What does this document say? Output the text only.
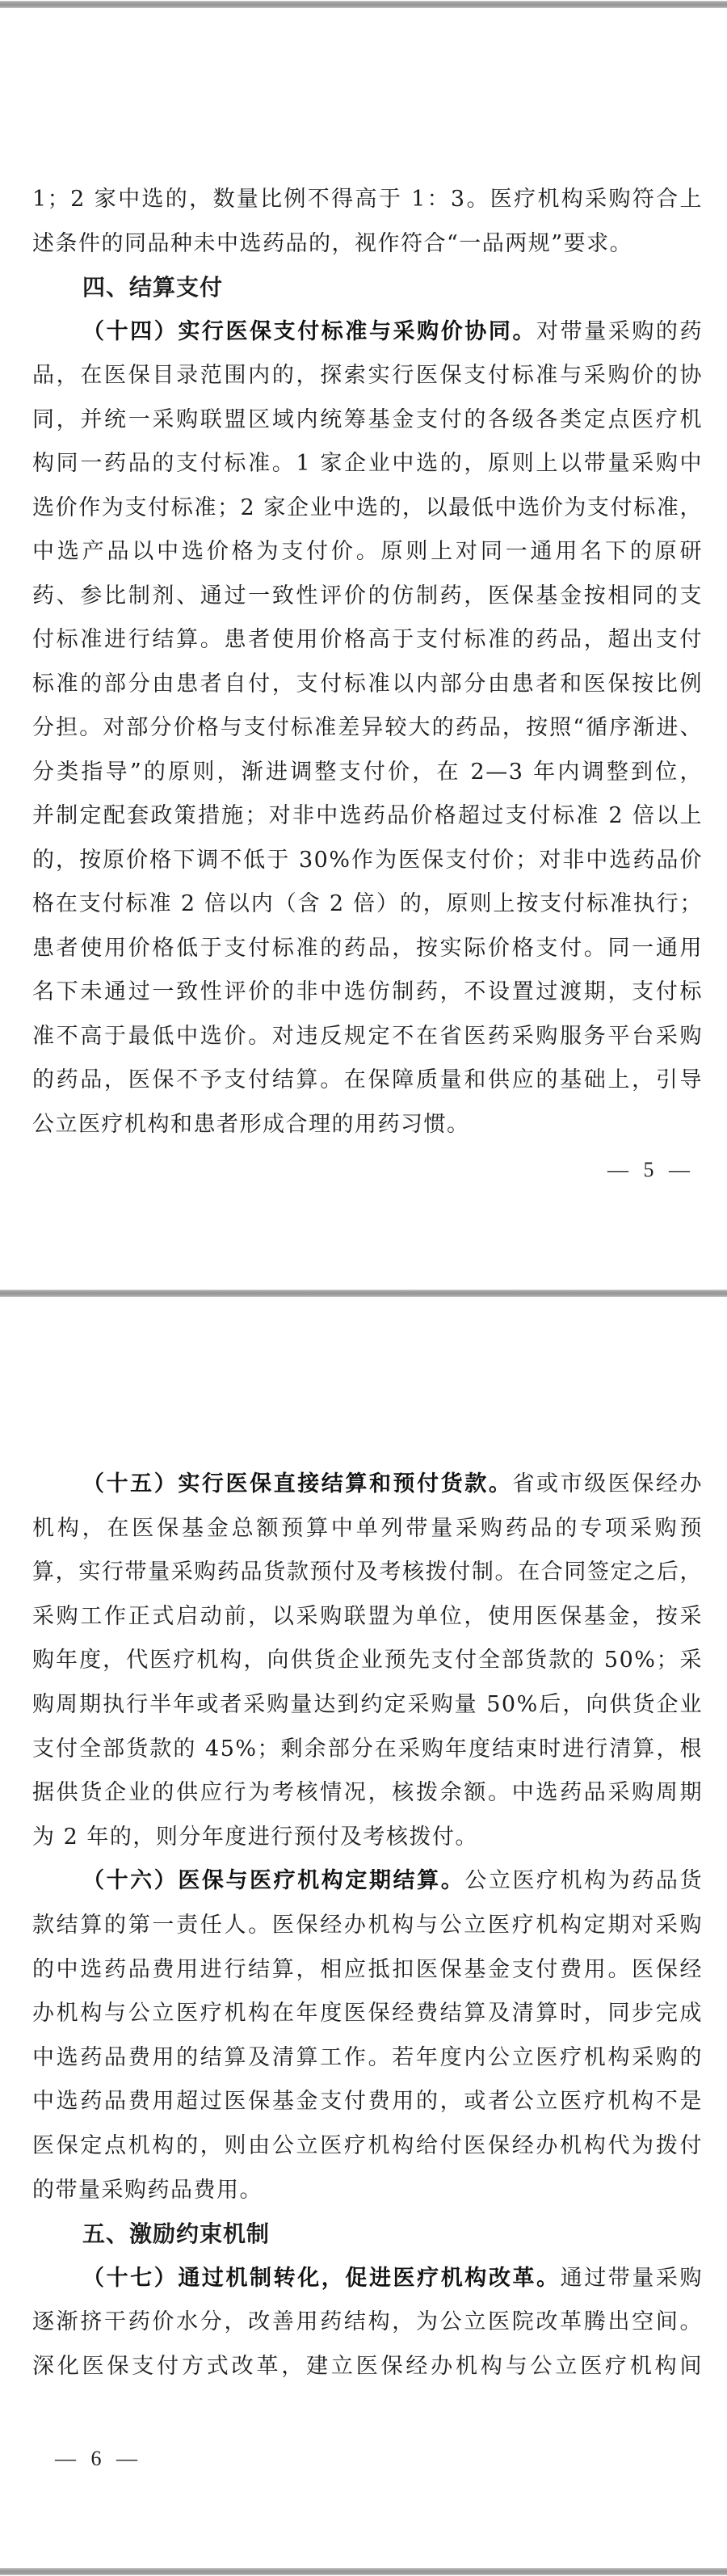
1；2 家中选的，数量比例不得高于 1：3。医疗机构采购符合上
述条件的同品种未中选药品的，视作符合“一品两规”要求。
四、结算支付
（十四）实行医保支付标准与采购价协同。对带量采购的药
品，在医保目录范围内的，探索实行医保支付标准与采购价的协
同，并统一采购联盟区域内统筹基金支付的各级各类定点医疗机
构同一药品的支付标准。1 家企业中选的，原则上以带量采购中
选价作为支付标准；2 家企业中选的，以最低中选价为支付标准，
中选产品以中选价格为支付价。原则上对同一通用名下的原研
药、参比制剂、通过一致性评价的仿制药，医保基金按相同的支
付标准进行结算。患者使用价格高于支付标准的药品，超出支付
标准的部分由患者自付，支付标准以内部分由患者和医保按比例
分担。对部分价格与支付标准差异较大的药品，按照“循序渐进、
分类指导”的原则，渐进调整支付价，在 2—3 年内调整到位，
并制定配套政策措施；对非中选药品价格超过支付标准 2 倍以上
的，按原价格下调不低于 30%作为医保支付价；对非中选药品价
格在支付标准 2 倍以内（含 2 倍）的，原则上按支付标准执行；
患者使用价格低于支付标准的药品，按实际价格支付。同一通用
名下未通过一致性评价的非中选仿制药，不设置过渡期，支付标
准不高于最低中选价。对违反规定不在省医药采购服务平台采购
的药品，医保不予支付结算。在保障质量和供应的基础上，引导
公立医疗机构和患者形成合理的用药习惯。
— 5 —
（十五）实行医保直接结算和预付货款。省或市级医保经办
机构，在医保基金总额预算中单列带量采购药品的专项采购预
算，实行带量采购药品货款预付及考核拨付制。在合同签定之后，
采购工作正式启动前，以采购联盟为单位，使用医保基金，按采
购年度，代医疗机构，向供货企业预先支付全部货款的 50%；采
购周期执行半年或者采购量达到约定采购量 50%后，向供货企业
支付全部货款的 45%；剩余部分在采购年度结束时进行清算，根
据供货企业的供应行为考核情况，核拨余额。中选药品采购周期
为 2 年的，则分年度进行预付及考核拨付。
（十六）医保与医疗机构定期结算。公立医疗机构为药品货
款结算的第一责任人。医保经办机构与公立医疗机构定期对采购
的中选药品费用进行结算，相应抵扣医保基金支付费用。医保经
办机构与公立医疗机构在年度医保经费结算及清算时，同步完成
中选药品费用的结算及清算工作。若年度内公立医疗机构采购的
中选药品费用超过医保基金支付费用的，或者公立医疗机构不是
医保定点机构的，则由公立医疗机构给付医保经办机构代为拨付
的带量采购药品费用。
五、激励约束机制
（十七）通过机制转化，促进医疗机构改革。通过带量采购
逐渐挤干药价水分，改善用药结构，为公立医院改革腾出空间。
深化医保支付方式改革，建立医保经办机构与公立医疗机构间
— 6 —
